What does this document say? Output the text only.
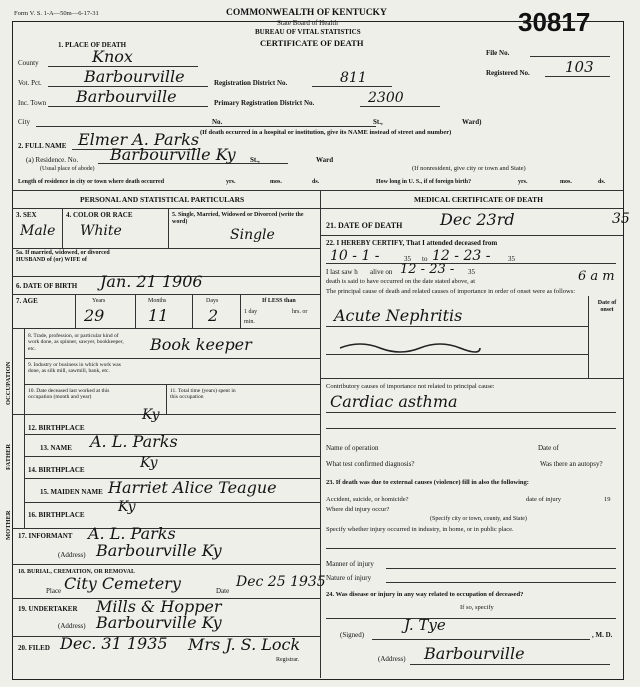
Form V. S. 1-A—50m—6-17-31	COMMONWEALTH OF KENTUCKY
State Board of Health
BUREAU OF VITAL STATISTICS
CERTIFICATE OF DEATH
30817
1. PLACE OF DEATH
County	Knox
Vot. Pct.	Barbourville
Inc. Town Barbourville
Registration District No.	811
Primary Registration District No.	2300
File No.
Registered No. 103
City	No.	St.,	Ward)
2. FULL NAME Elmer A. Parks (If death occurred in a hospital or institution, give its NAME instead of street and number)
(a) Residence. No. Barbourville Ky
(Usual place of abode)
St.,	Ward
(If nonresident, give city or town and State)
Length of residence in city or town where death occurred	yrs.	mos.	ds.	How long in U. S., if of foreign birth?	yrs.	mos.	ds.
PERSONAL AND STATISTICAL PARTICULARS	MEDICAL CERTIFICATE OF DEATH
3. SEX
Male
4. COLOR OR RACE
White
5. Single, Married, Widowed or Divorced (write the word)
Single
5a. If married, widowed, or divorced HUSBAND of (or) WIFE of
6. DATE OF BIRTH Jan. 21 1906
7. AGE	Years
29
Months
11
Days
2
If LESS than
1 day	hrs. or
min.
OCCUPATION
8. Trade, profession, or particular kind of work done, as spinner, sawyer, bookkeeper, etc.	Book keeper
9. Industry or business in which work was done, as silk mill, sawmill, bank, etc.
10. Date deceased last worked at this occupation (month and year)
11. Total time (years) spent in this occupation
FATHER
MOTHER
12. BIRTHPLACE
Ky
13. NAME A. L. Parks
14. BIRTHPLACE	Ky
15. MAIDEN NAME Harriet Alice Teague
16. BIRTHPLACE Ky
17. INFORMANT A. L. Parks
(Address) Barbourville Ky
18. BURIAL, CREMATION, OR REMOVAL
Place City Cemetery	Date
Dec 25 1935
19. UNDERTAKER Mills & Hopper
(Address) Barbourville Ky
20. FILED Dec. 31 1935 Mrs J. S. Lock
Registrar.
21. DATE OF DEATH Dec 23rd	35
22. I HEREBY CERTIFY, That I attended deceased from
10 - 1 -	35 to 12 - 23 -	35
I last saw h alive on 12 - 23 - 35
death is said to have occurred on the date stated above, at	6 a m
The principal cause of death and related causes of importance in order of onset were as follows:
Date of onset
Acute Nephritis
Contributory causes of importance not related to principal cause:
Cardiac asthma
Name of operation	Date of
What test confirmed diagnosis?	Was there an autopsy?
23. If death was due to external causes (violence) fill in also the following:
Accident, suicide, or homicide?	date of injury	19
Where did injury occur?
(Specify city or town, county, and State)
Specify whether injury occurred in industry, in home, or in public place.
Manner of injury
Nature of injury
24. Was disease or injury in any way related to occupation of deceased?
If so, specify
(Signed)
J. Tye
, M. D.
(Address) Barbourville
